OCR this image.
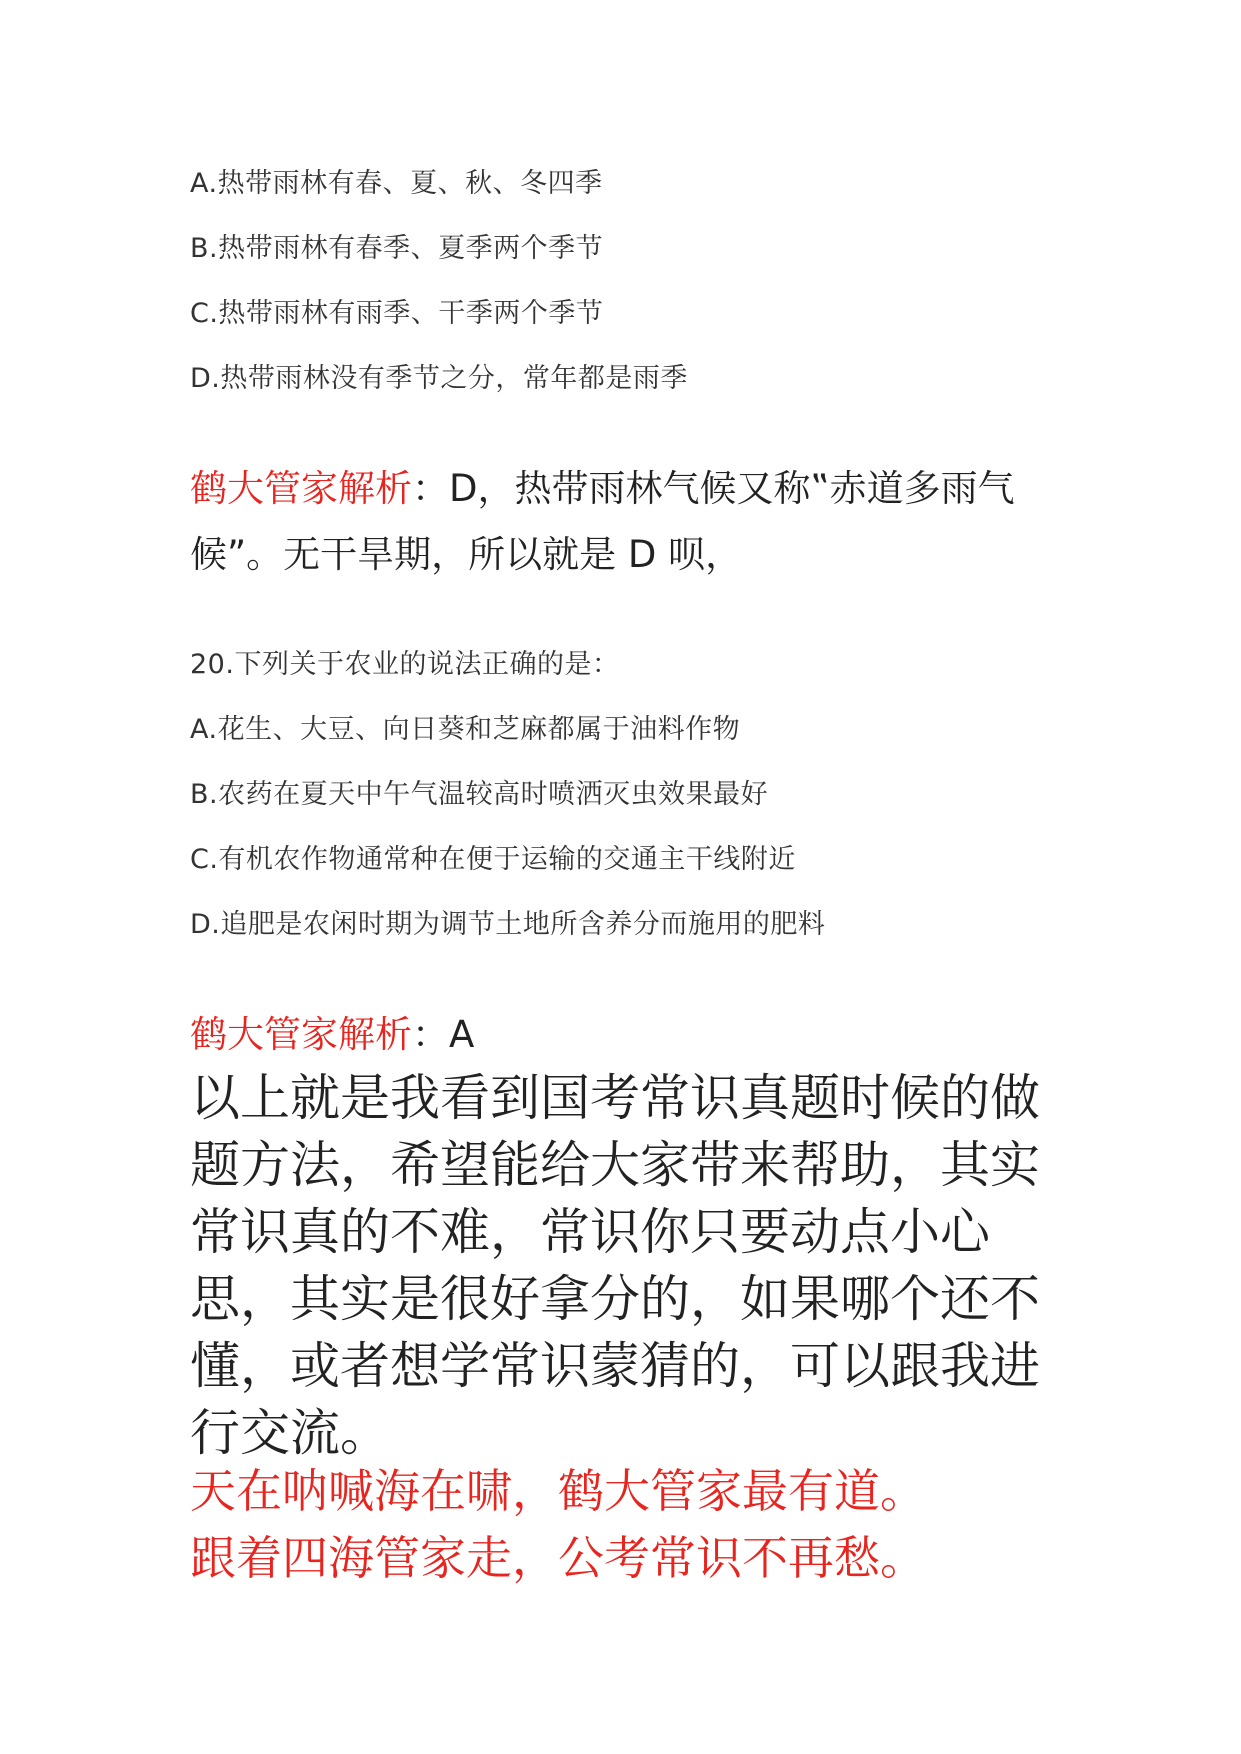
A.热带雨林有春、夏、秋、冬四季
B.热带雨林有春季、夏季两个季节
C.热带雨林有雨季、干季两个季节
D.热带雨林没有季节之分，常年都是雨季
鹤大管家解析：D，热带雨林气候又称‟赤道多雨气候”。无干旱期，所以就是 D 呗，
20.下列关于农业的说法正确的是：
A.花生、大豆、向日葵和芝麻都属于油料作物
B.农药在夏天中午气温较高时喷洒灭虫效果最好
C.有机农作物通常种在便于运输的交通主干线附近
D.追肥是农闲时期为调节土地所含养分而施用的肥料
鹤大管家解析：A
以上就是我看到国考常识真题时候的做题方法，希望能给大家带来帮助，其实常识真的不难，常识你只要动点小心思，其实是很好拿分的，如果哪个还不懂，或者想学常识蒙猜的，可以跟我进行交流。
天在呐喊海在啸，鹤大管家最有道。
跟着四海管家走，公考常识不再愁。
